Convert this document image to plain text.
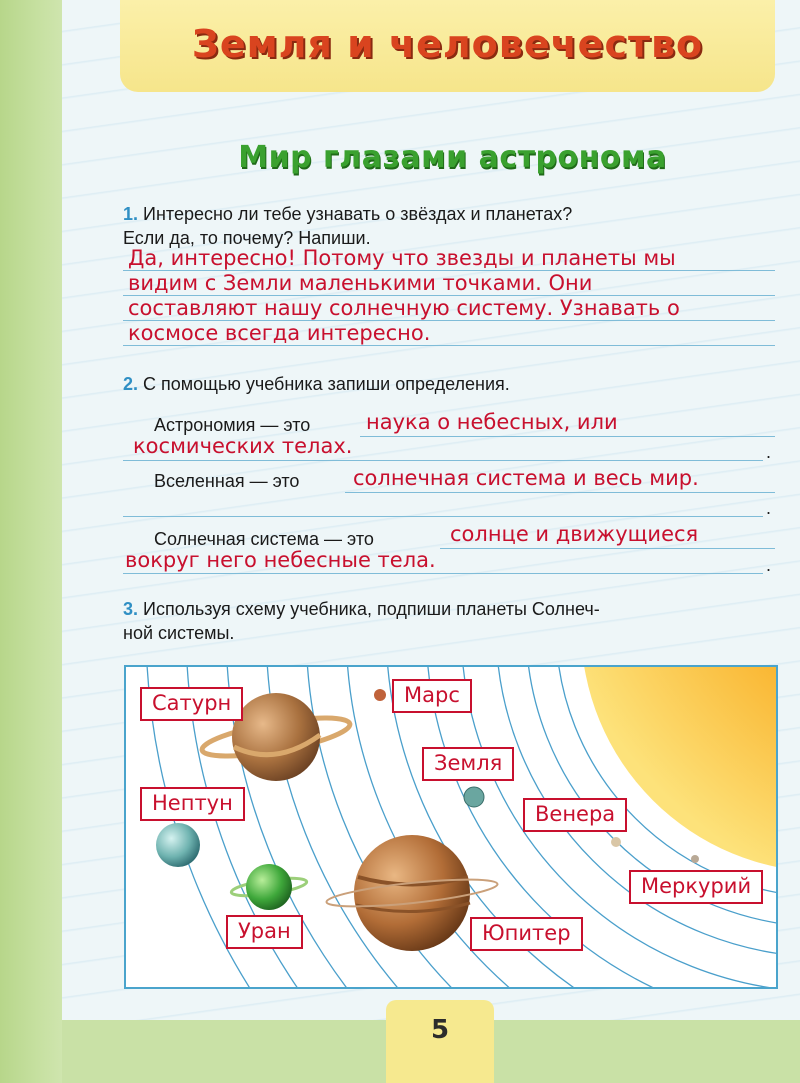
Земля и человечество
Мир глазами астронома
1. Интересно ли тебе узнавать о звёздах и планетах?
Если да, то почему? Напиши.
Да, интересно! Потому что звезды и планеты мы
видим с Земли маленькими точками. Они
составляют нашу солнечную систему. Узнавать о
космосе всегда интересно.
2. С помощью учебника запиши определения.
Астрономия — это	наука о небесных, или
космических телах.	.
Вселенная — это	солнечная система и весь мир.
.
Солнечная система — это	солнце и движущиеся
вокруг него небесные тела.	.
3. Используя схему учебника, подпиши планеты Солнеч-
ной системы.
Сатурн	Марс
Земля
Нептун	Венера
Меркурий
Уран	Юпитер
5
